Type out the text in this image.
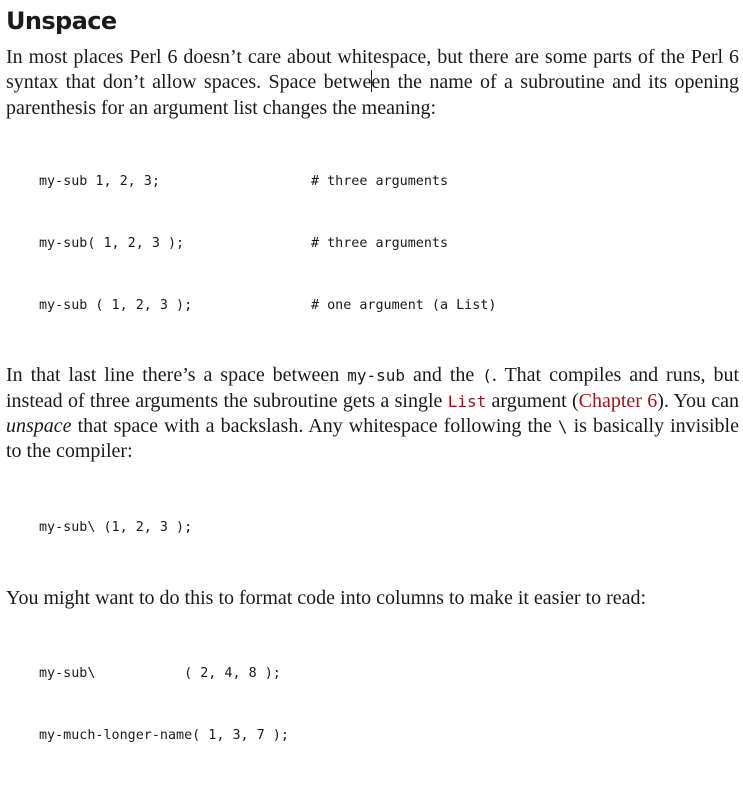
Unspace

In most places Perl 6 doesn’t care about whitespace, but there are some parts of the Perl 6 syntax that don’t allow spaces. Space between the name of a subroutine and its opening parenthesis for an argument list changes the meaning:

my-sub 1, 2, 3;	# three arguments

my-sub( 1, 2, 3 );	# three arguments

my-sub ( 1, 2, 3 );	# one argument (a List)

In that last line there’s a space between my-sub and the (. That compiles and runs, but instead of three arguments the subroutine gets a single List argument (Chapter 6). You can unspace that space with a backslash. Any whitespace following the \ is basically invisible to the compiler:

my-sub\ (1, 2, 3 );

You might want to do this to format code into columns to make it easier to read:

my-sub\           ( 2, 4, 8 );

my-much-longer-name( 1, 3, 7 );
